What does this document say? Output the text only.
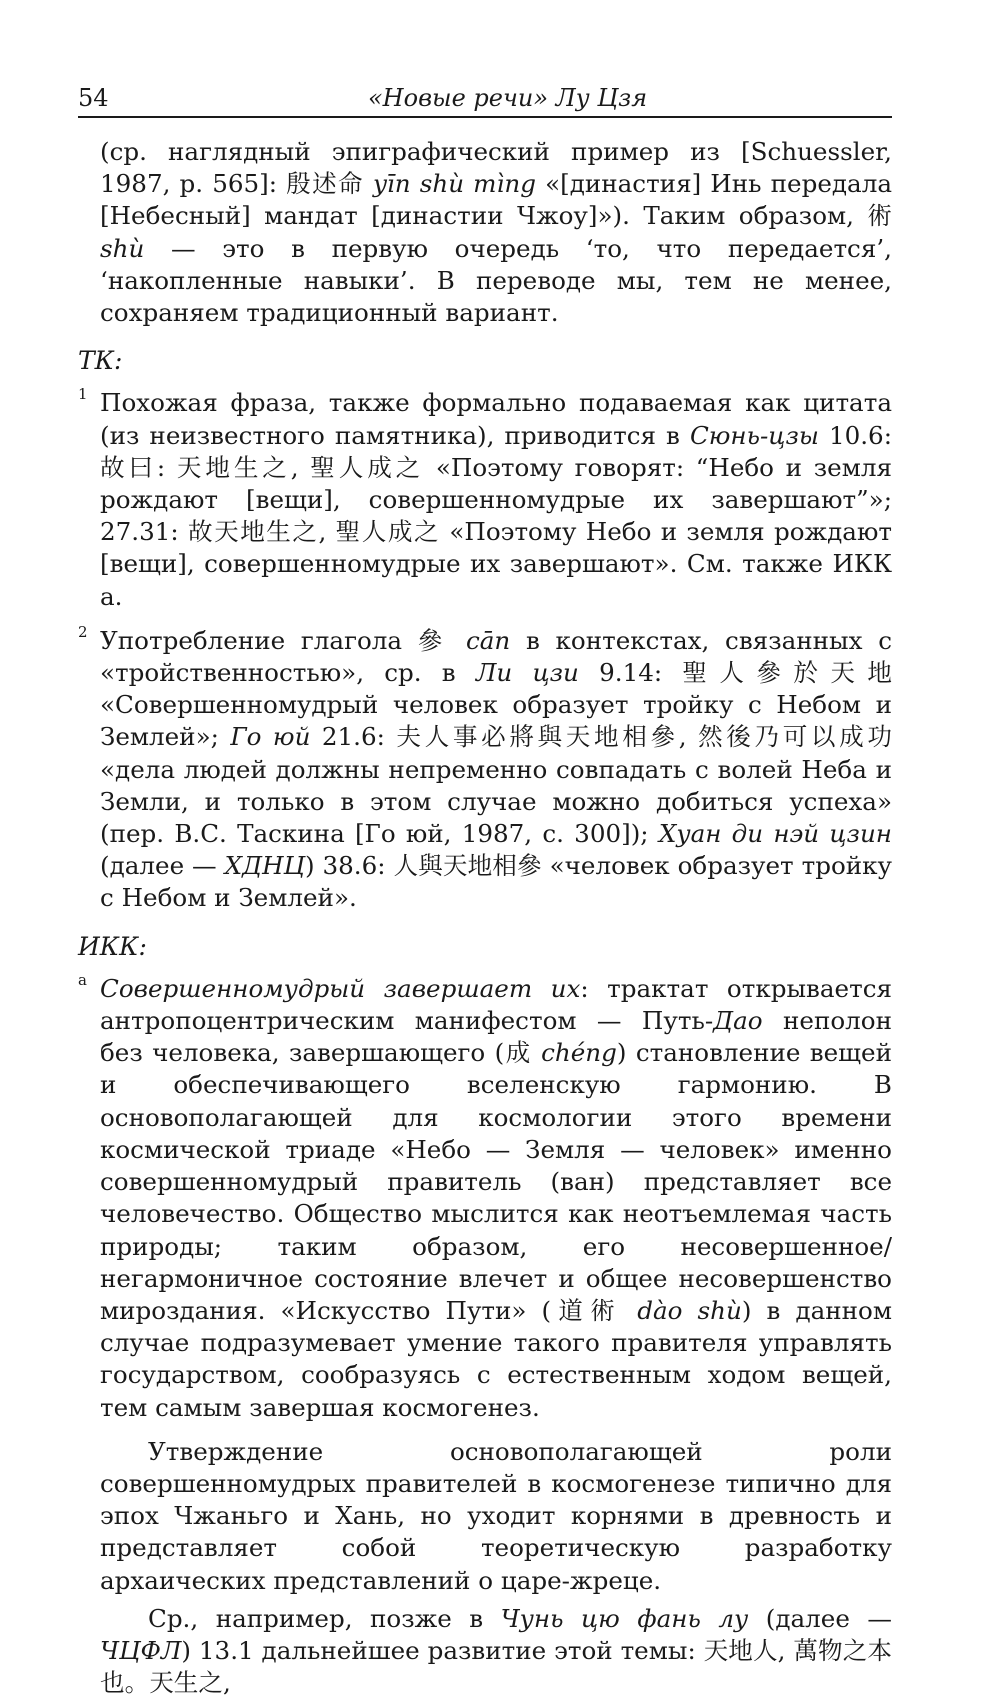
54	«Новые речи» Лу Цзя

(ср. наглядный эпиграфический пример из [Schuessler, 1987, p. 565]: 殷述命 yīn shù mìng «[династия] Инь передала [Небесный] мандат [династии Чжоу]»). Таким образом, 術 shù — это в первую очередь ‘то, что передается’, ‘накопленные навыки’. В переводе мы, тем не менее, сохраняем традиционный вариант.

ТК:

1 Похожая фраза, также формально подаваемая как цитата (из неизвестного памятника), приводится в Сюнь-цзы 10.6: 故曰: 天地生之, 聖人成之 «Поэтому говорят: “Небо и земля рождают [вещи], совершенномудрые их завершают”»; 27.31: 故天地生之, 聖人成之 «Поэтому Небо и земля рождают [вещи], совершенномудрые их завершают». См. также ИКК а.

2 Употребление глагола 參 cān в контекстах, связанных с «тройственностью», ср. в Ли цзи 9.14: 聖人參於天地 «Совершенномудрый человек образует тройку с Небом и Землей»; Го юй 21.6: 夫人事必將與天地相參, 然後乃可以成功 «дела людей должны непременно совпадать с волей Неба и Земли, и только в этом случае можно добиться успеха» (пер. В.С. Таскина [Го юй, 1987, с. 300]); Хуан ди нэй цзин (далее — ХДНЦ) 38.6: 人與天地相參 «человек образует тройку с Небом и Землей».

ИКК:

а Совершенномудрый завершает их: трактат открывается антропоцентрическим манифестом — Путь-Дао неполон без человека, завершающего (成 chéng) становление вещей и обеспечивающего вселенскую гармонию. В основополагающей для космологии этого времени космической триаде «Небо — Земля — человек» именно совершенномудрый правитель (ван) представляет все человечество. Общество мыслится как неотъемлемая часть природы; таким образом, его несовершенное/негармоничное состояние влечет и общее несовершенство мироздания. «Искусство Пути» (道術 dào shù) в данном случае подразумевает умение такого правителя управлять государством, сообразуясь с естественным ходом вещей, тем самым завершая космогенез.

Утверждение основополагающей роли совершенномудрых правителей в космогенезе типично для эпох Чжаньго и Хань, но уходит корнями в древность и представляет собой теоретическую разработку архаических представлений о царе-жреце.

Ср., например, позже в Чунь цю фань лу (далее — ЧЦФЛ) 13.1 дальнейшее развитие этой темы: 天地人, 萬物之本也。天生之,
